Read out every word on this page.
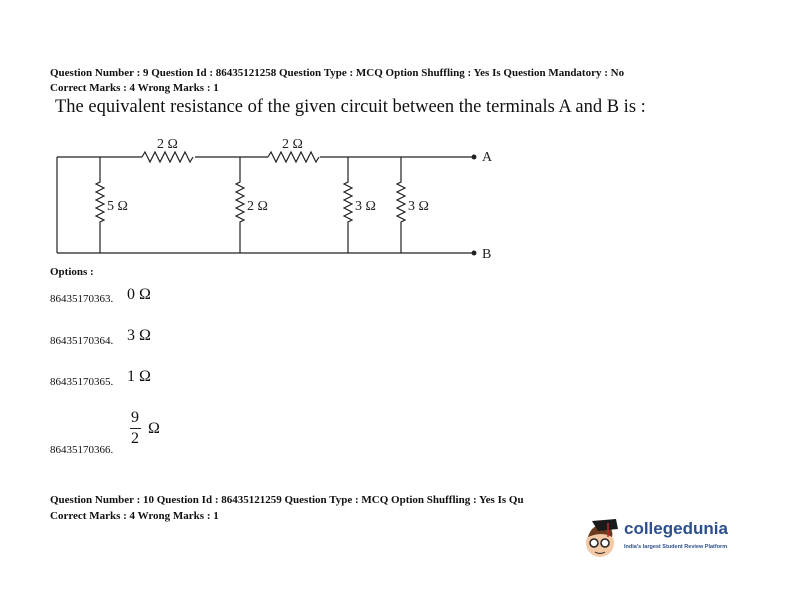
Question Number : 9 Question Id : 86435121258 Question Type : MCQ Option Shuffling : Yes Is Question Mandatory : No
Correct Marks : 4 Wrong Marks : 1
The equivalent resistance of the given circuit between the terminals A and B is :
2 Ω	2 Ω
5 Ω	2 Ω	3 Ω 3 Ω
A
B
Options :
86435170363. 0 Ω
86435170364. 3 Ω
86435170365. 1 Ω
86435170366.
9
2
Ω
Question Number : 10 Question Id : 86435121259 Question Type : MCQ Option Shuffling : Yes Is Qu
Correct Marks : 4 Wrong Marks : 1
collegedunia
India's largest Student Review Platform
